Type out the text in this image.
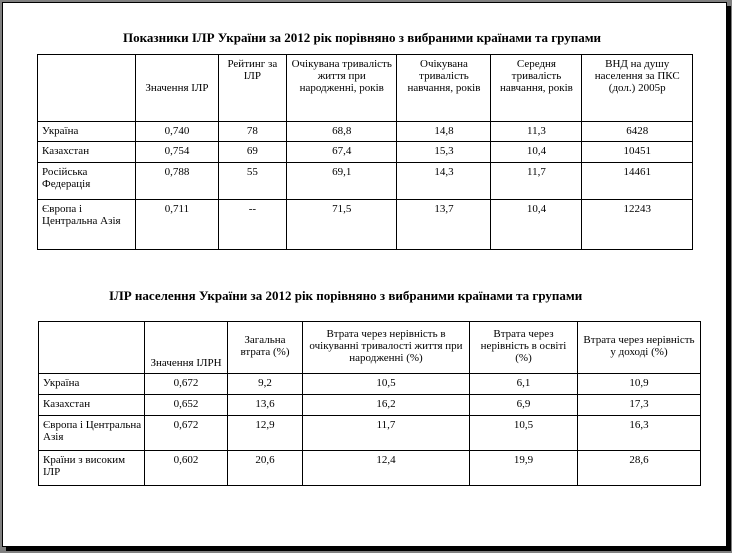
Показники ІЛР України за 2012 рік порівняно з вибраними країнами та групами
	Значення ІЛР	Рейтинг за ІЛР	Очікувана тривалість життя при народженні, років	Очікувана тривалість навчання, років	Середня тривалість навчання, років	ВНД на душу населення за ПКС (дол.) 2005р
Україна	0,740	78	68,8	14,8	11,3	6428
Казахстан	0,754	69	67,4	15,3	10,4	10451
Російська Федерація	0,788	55	69,1	14,3	11,7	14461
Європа і Центральна Азія	0,711	--	71,5	13,7	10,4	12243
ІЛР населення України за 2012 рік порівняно з вибраними країнами та групами
	Значення ІЛРН	Загальна втрата (%)	Втрата через нерівність в очікуванні тривалості життя при народженні (%)	Втрата через нерівність в освіті (%)	Втрата через нерівність у доході (%)
Україна	0,672	9,2	10,5	6,1	10,9
Казахстан	0,652	13,6	16,2	6,9	17,3
Європа і Центральна Азія	0,672	12,9	11,7	10,5	16,3
Країни з високим ІЛР	0,602	20,6	12,4	19,9	28,6
